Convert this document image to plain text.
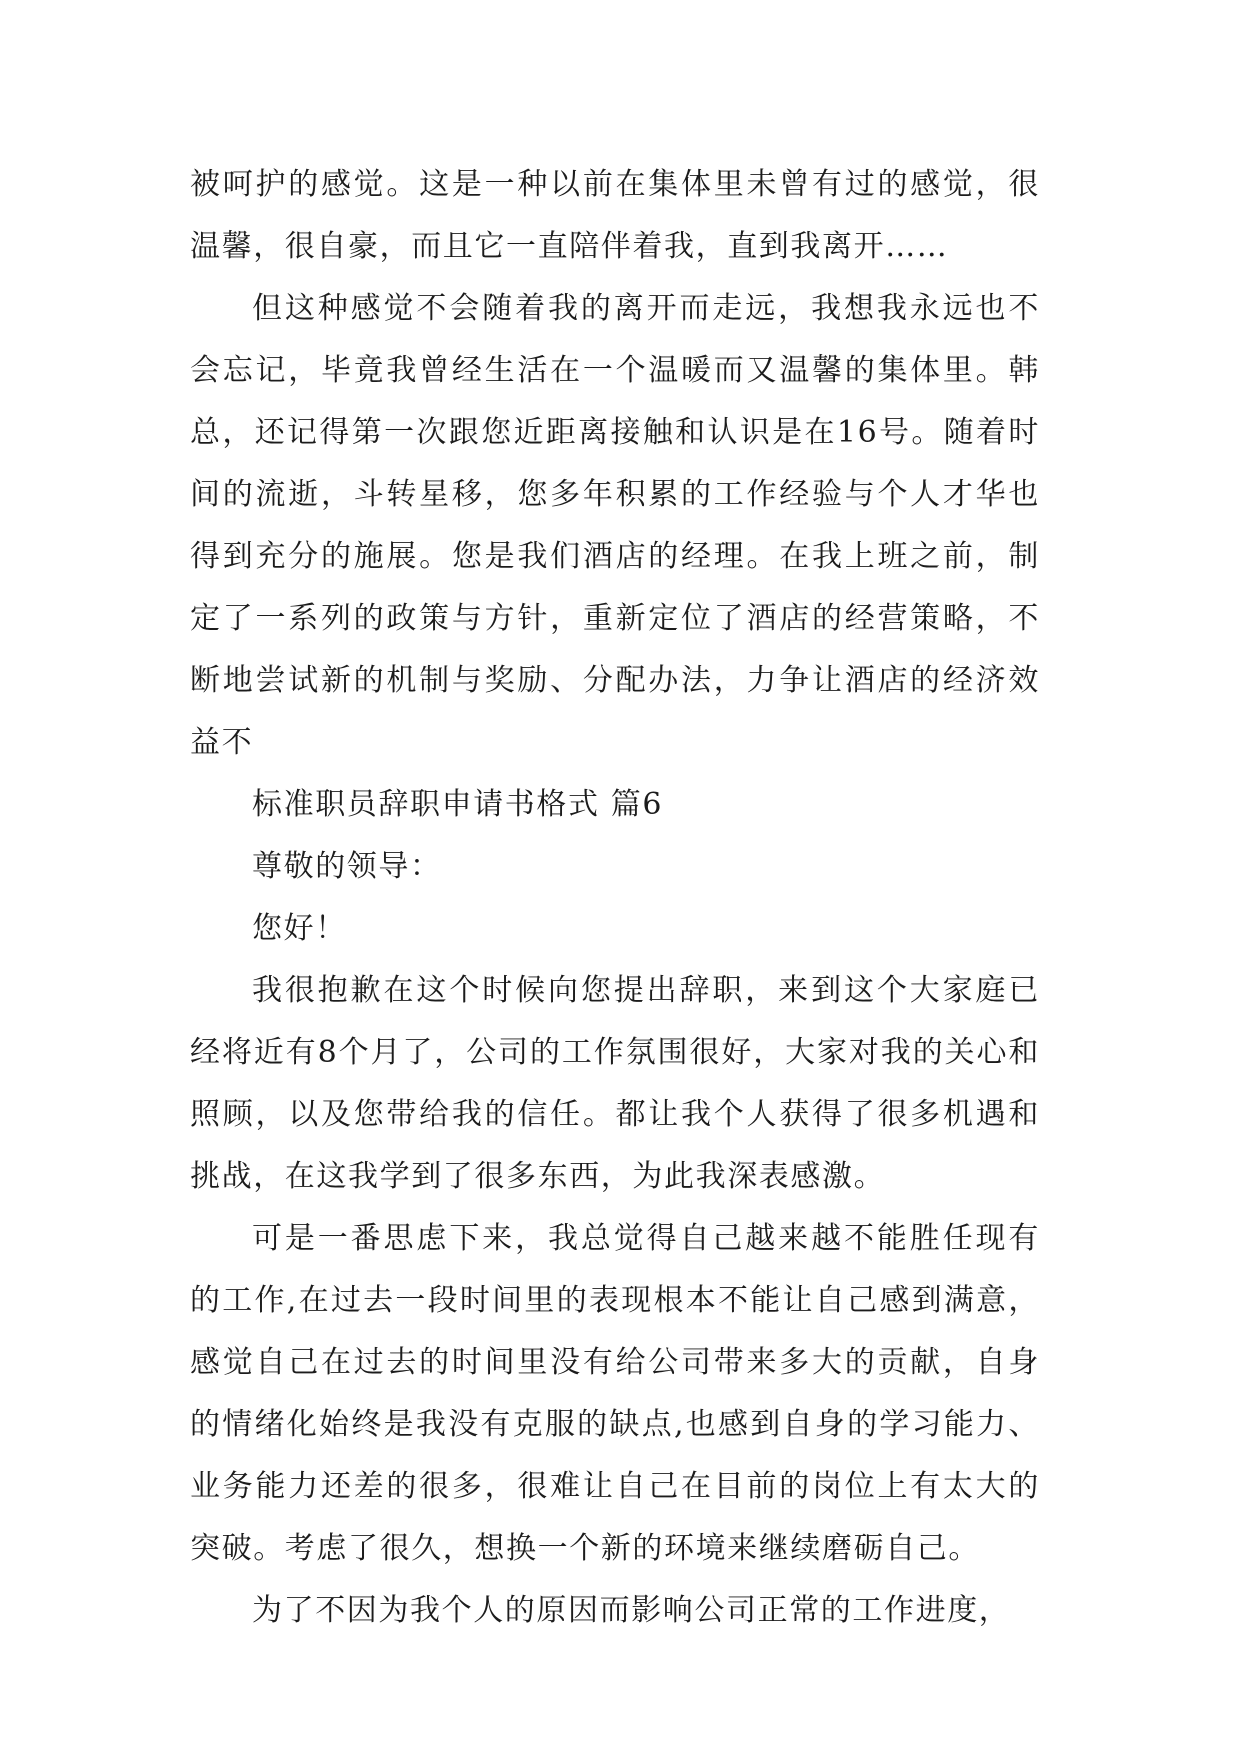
被呵护的感觉。这是一种以前在集体里未曾有过的感觉，很温馨，很自豪，而且它一直陪伴着我，直到我离开……

但这种感觉不会随着我的离开而走远，我想我永远也不会忘记，毕竟我曾经生活在一个温暖而又温馨的集体里。韩总，还记得第一次跟您近距离接触和认识是在16号。随着时间的流逝，斗转星移，您多年积累的工作经验与个人才华也得到充分的施展。您是我们酒店的经理。在我上班之前，制定了一系列的政策与方针，重新定位了酒店的经营策略，不断地尝试新的机制与奖励、分配办法，力争让酒店的经济效益不

标准职员辞职申请书格式 篇6

尊敬的领导：

您好！

我很抱歉在这个时候向您提出辞职，来到这个大家庭已经将近有8个月了，公司的工作氛围很好，大家对我的关心和照顾，以及您带给我的信任。都让我个人获得了很多机遇和挑战，在这我学到了很多东西，为此我深表感激。

可是一番思虑下来，我总觉得自己越来越不能胜任现有的工作,在过去一段时间里的表现根本不能让自己感到满意，感觉自己在过去的时间里没有给公司带来多大的贡献，自身的情绪化始终是我没有克服的缺点,也感到自身的学习能力、业务能力还差的很多，很难让自己在目前的岗位上有太大的突破。考虑了很久，想换一个新的环境来继续磨砺自己。

为了不因为我个人的原因而影响公司正常的工作进度，
